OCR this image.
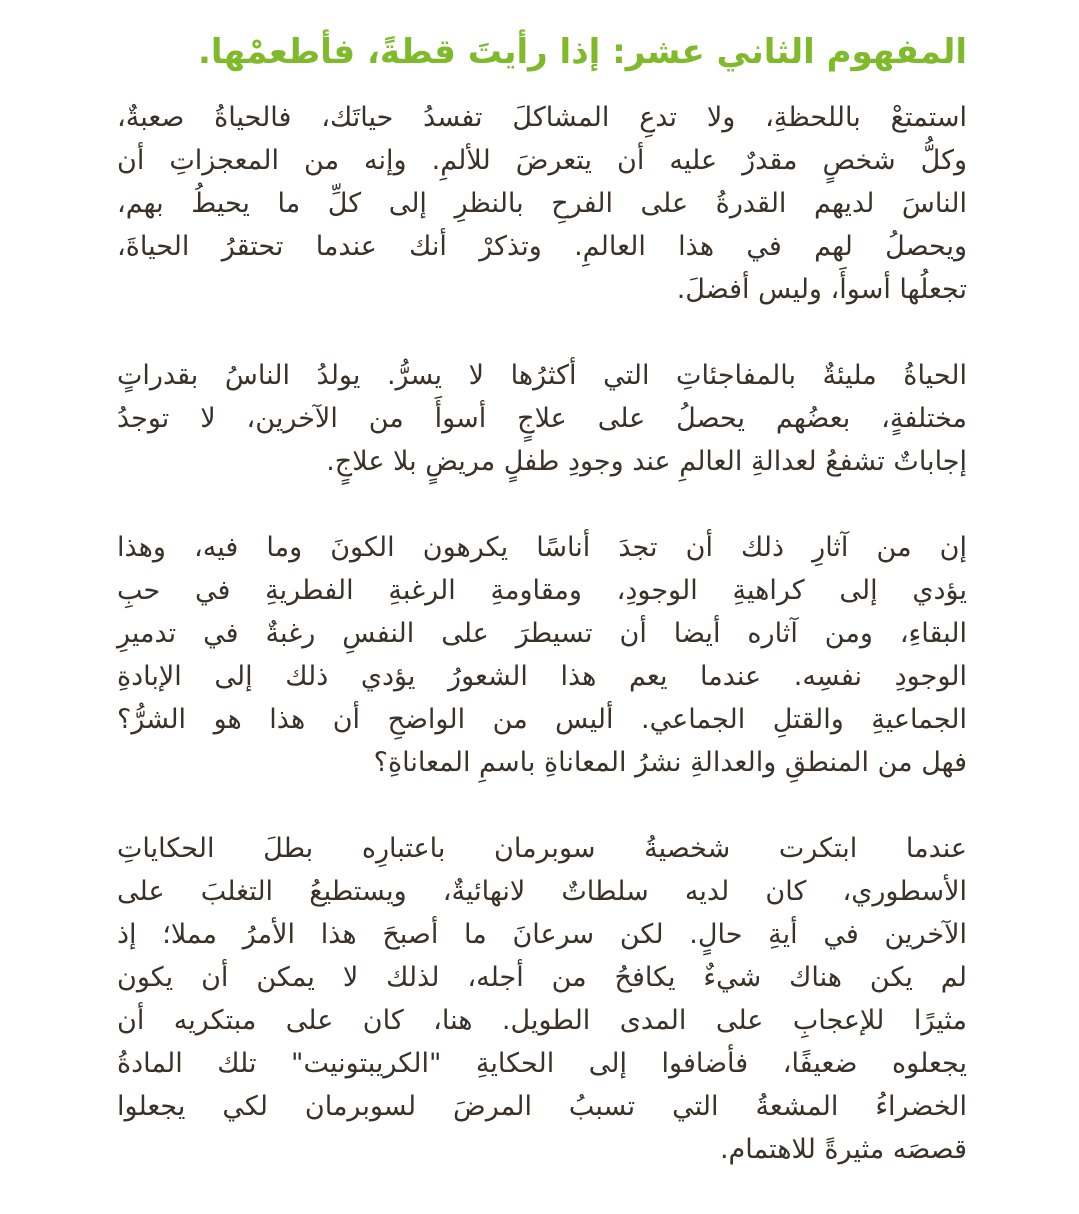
المفهوم الثاني عشر: إذا رأيتَ قطةً، فأطعمْها.
استمتعْ باللحظةِ، ولا تدعِ المشاكلَ تفسدُ حياتَك، فالحياةُ صعبةٌ،
وكلُّ شخصٍ مقدرٌ عليه أن يتعرضَ للألمِ. وإنه من المعجزاتِ أن
الناسَ لديهم القدرةُ على الفرحِ بالنظرِ إلى كلِّ ما يحيطُ بهم،
ويحصلُ لهم في هذا العالمِ. وتذكرْ أنك عندما تحتقرُ الحياةَ،
تجعلُها أسوأَ، وليس أفضلَ.
الحياةُ مليئةٌ بالمفاجئاتِ التي أكثرُها لا يسرُّ. يولدُ الناسُ بقدراتٍ
مختلفةٍ، بعضُهم يحصلُ على علاجٍ أسوأَ من الآخرين، لا توجدُ
إجاباتٌ تشفعُ لعدالةِ العالمِ عند وجودِ طفلٍ مريضٍ بلا علاجٍ.
إن من آثارِ ذلك أن تجدَ أناسًا يكرهون الكونَ وما فيه، وهذا
يؤدي إلى كراهيةِ الوجودِ، ومقاومةِ الرغبةِ الفطريةِ في حبِ
البقاءِ، ومن آثاره أيضا أن تسيطرَ على النفسِ رغبةٌ في تدميرِ
الوجودِ نفسِه. عندما يعم هذا الشعورُ يؤدي ذلك إلى الإبادةِ
الجماعيةِ والقتلِ الجماعي. أليس من الواضحِ أن هذا هو الشرُّ؟
فهل من المنطقِ والعدالةِ نشرُ المعاناةِ باسمِ المعاناةِ؟
عندما ابتكرت شخصيةُ سوبرمان باعتبارِه بطلَ الحكاياتِ
الأسطوري، كان لديه سلطاتٌ لانهائيةٌ، ويستطيعُ التغلبَ على
الآخرين في أيةِ حالٍ. لكن سرعانَ ما أصبحَ هذا الأمرُ مملا؛ إذ
لم يكن هناك شيءٌ يكافحُ من أجله، لذلك لا يمكن أن يكون
مثيرًا للإعجابِ على المدى الطويل. هنا، كان على مبتكريه أن
يجعلوه ضعيفًا، فأضافوا إلى الحكايةِ "الكريبتونيت" تلك المادةُ
الخضراءُ المشعةُ التي تسببُ المرضَ لسوبرمان لكي يجعلوا
قصصَه مثيرةً للاهتمام.
